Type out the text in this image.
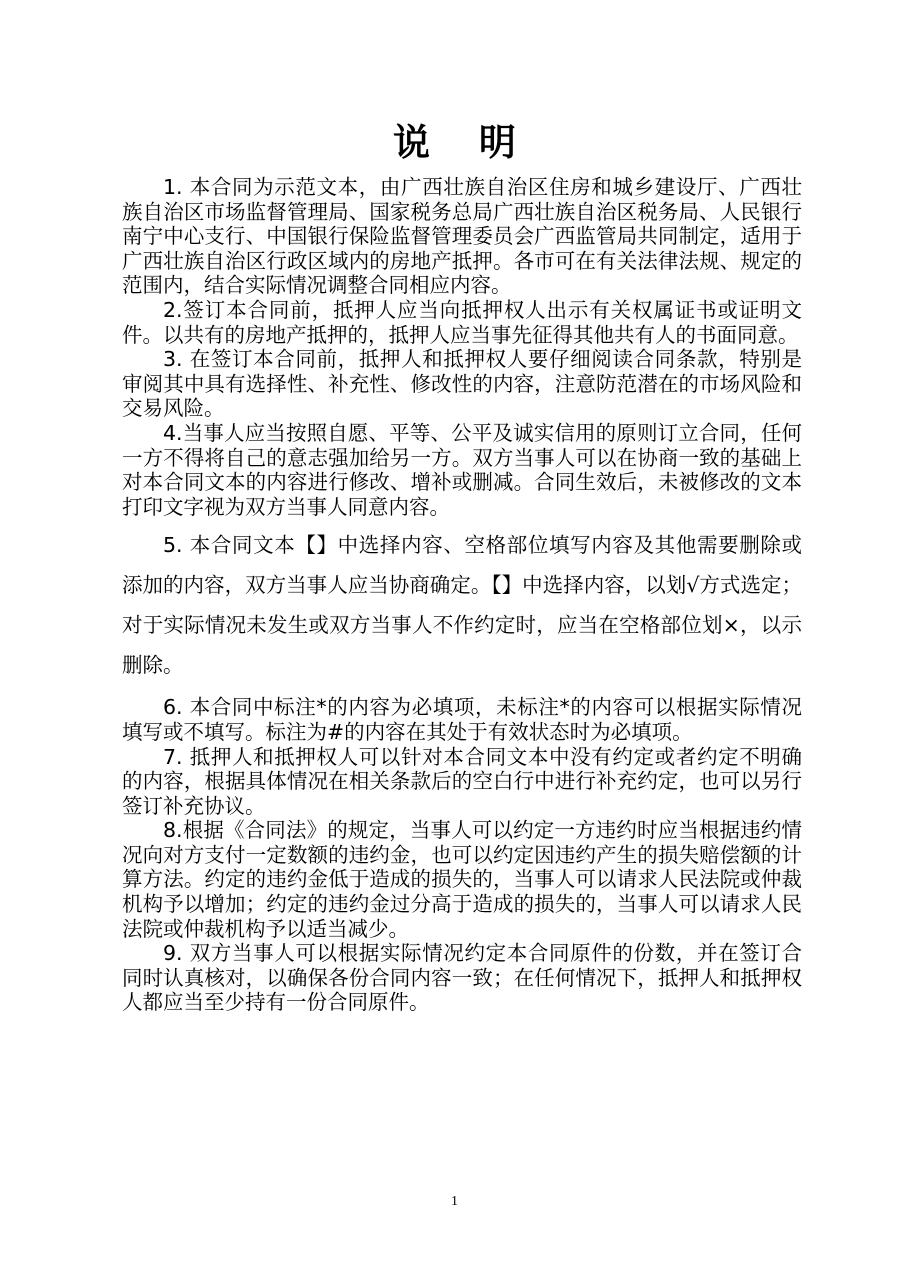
说 明

1. 本合同为示范文本，由广西壮族自治区住房和城乡建设厅、广西壮族自治区市场监督管理局、国家税务总局广西壮族自治区税务局、人民银行南宁中心支行、中国银行保险监督管理委员会广西监管局共同制定，适用于广西壮族自治区行政区域内的房地产抵押。各市可在有关法律法规、规定的范围内，结合实际情况调整合同相应内容。

2.签订本合同前，抵押人应当向抵押权人出示有关权属证书或证明文件。以共有的房地产抵押的，抵押人应当事先征得其他共有人的书面同意。

3. 在签订本合同前，抵押人和抵押权人要仔细阅读合同条款，特别是审阅其中具有选择性、补充性、修改性的内容，注意防范潜在的市场风险和交易风险。

4.当事人应当按照自愿、平等、公平及诚实信用的原则订立合同，任何一方不得将自己的意志强加给另一方。双方当事人可以在协商一致的基础上对本合同文本的内容进行修改、增补或删减。合同生效后，未被修改的文本打印文字视为双方当事人同意内容。

5. 本合同文本【】中选择内容、空格部位填写内容及其他需要删除或添加的内容，双方当事人应当协商确定。【】中选择内容，以划√方式选定；对于实际情况未发生或双方当事人不作约定时，应当在空格部位划×，以示删除。

6. 本合同中标注*的内容为必填项，未标注*的内容可以根据实际情况填写或不填写。标注为#的内容在其处于有效状态时为必填项。

7. 抵押人和抵押权人可以针对本合同文本中没有约定或者约定不明确的内容，根据具体情况在相关条款后的空白行中进行补充约定，也可以另行签订补充协议。

8.根据《合同法》的规定，当事人可以约定一方违约时应当根据违约情况向对方支付一定数额的违约金，也可以约定因违约产生的损失赔偿额的计算方法。约定的违约金低于造成的损失的，当事人可以请求人民法院或仲裁机构予以增加；约定的违约金过分高于造成的损失的，当事人可以请求人民法院或仲裁机构予以适当减少。

9. 双方当事人可以根据实际情况约定本合同原件的份数，并在签订合同时认真核对，以确保各份合同内容一致；在任何情况下，抵押人和抵押权人都应当至少持有一份合同原件。

1
